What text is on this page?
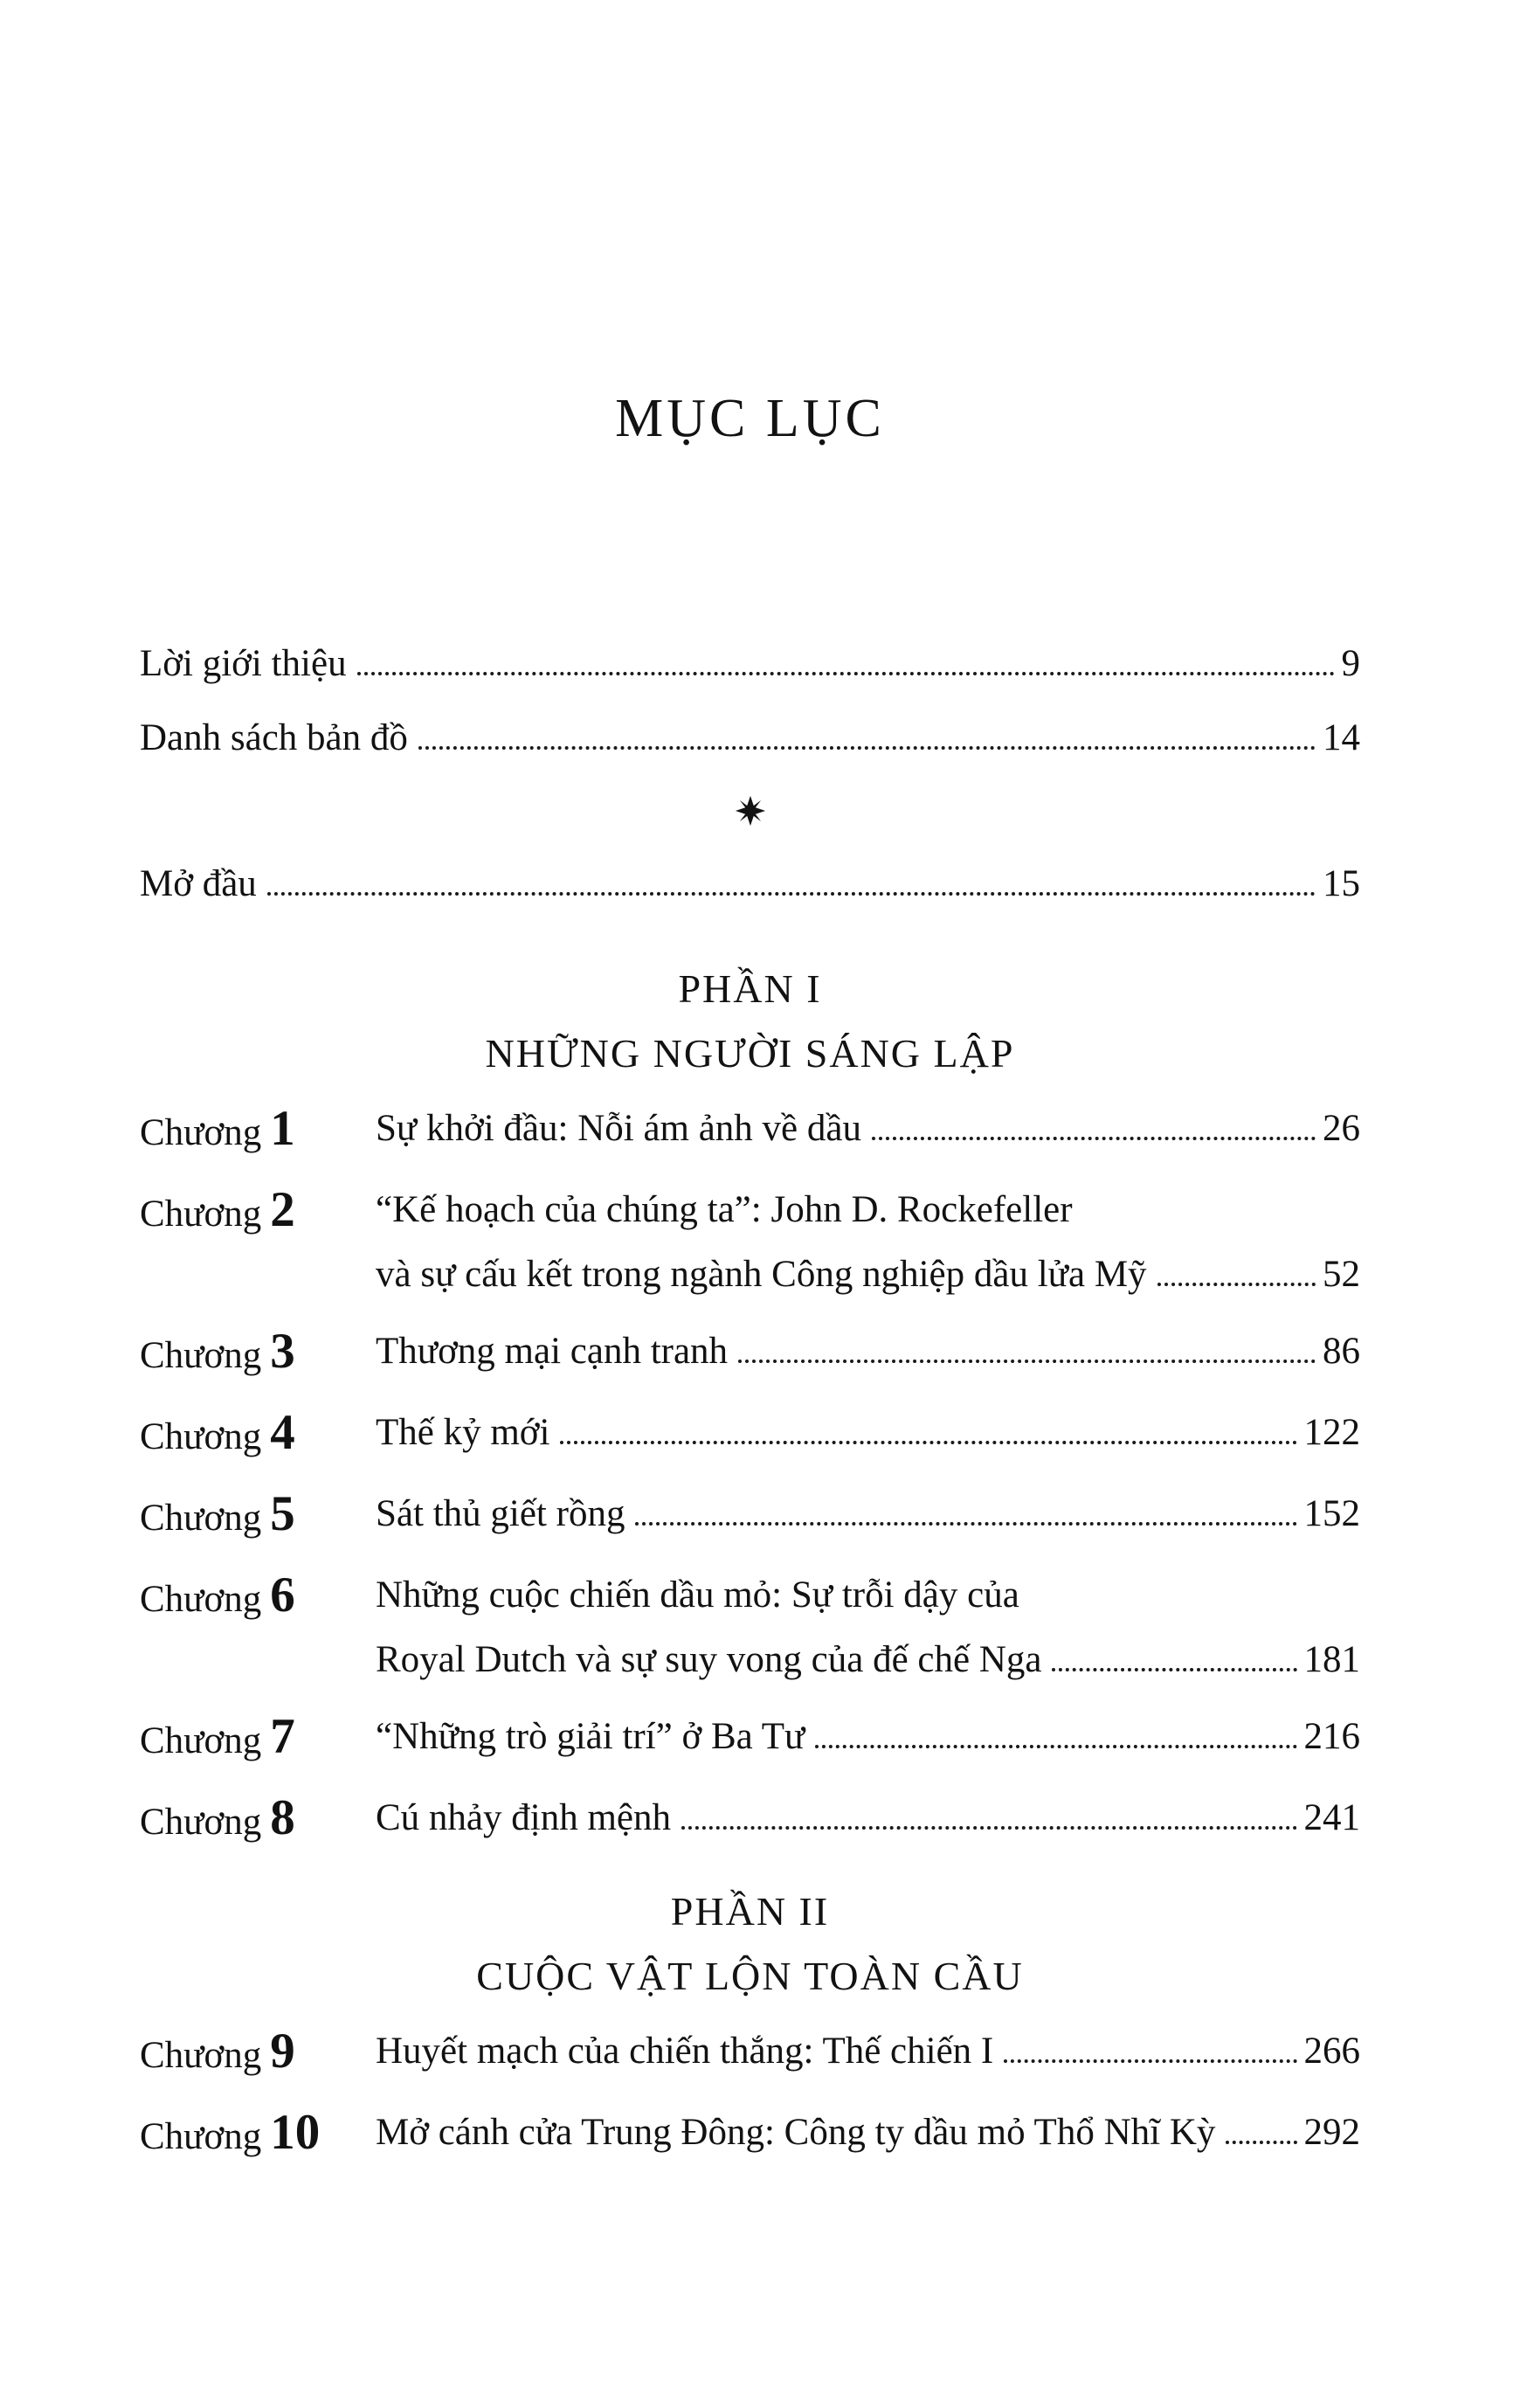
MỤC LỤC
Lời giới thiệu	9
Danh sách bản đồ	14
Mở đầu	15
PHẦN I
NHỮNG NGƯỜI SÁNG LẬP
Chương 1	Sự khởi đầu: Nỗi ám ảnh về dầu	26
Chương 2	“Kế hoạch của chúng ta”: John D. Rockefeller
và sự cấu kết trong ngành Công nghiệp dầu lửa Mỹ	52
Chương 3	Thương mại cạnh tranh	86
Chương 4	Thế kỷ mới	122
Chương 5	Sát thủ giết rồng	152
Chương 6	Những cuộc chiến dầu mỏ: Sự trỗi dậy của
Royal Dutch và sự suy vong của đế chế Nga	181
Chương 7	“Những trò giải trí” ở Ba Tư	216
Chương 8	Cú nhảy định mệnh	241
PHẦN II
CUỘC VẬT LỘN TOÀN CẦU
Chương 9	Huyết mạch của chiến thắng: Thế chiến I	266
Chương 10	Mở cánh cửa Trung Đông: Công ty dầu mỏ Thổ Nhĩ Kỳ 292
